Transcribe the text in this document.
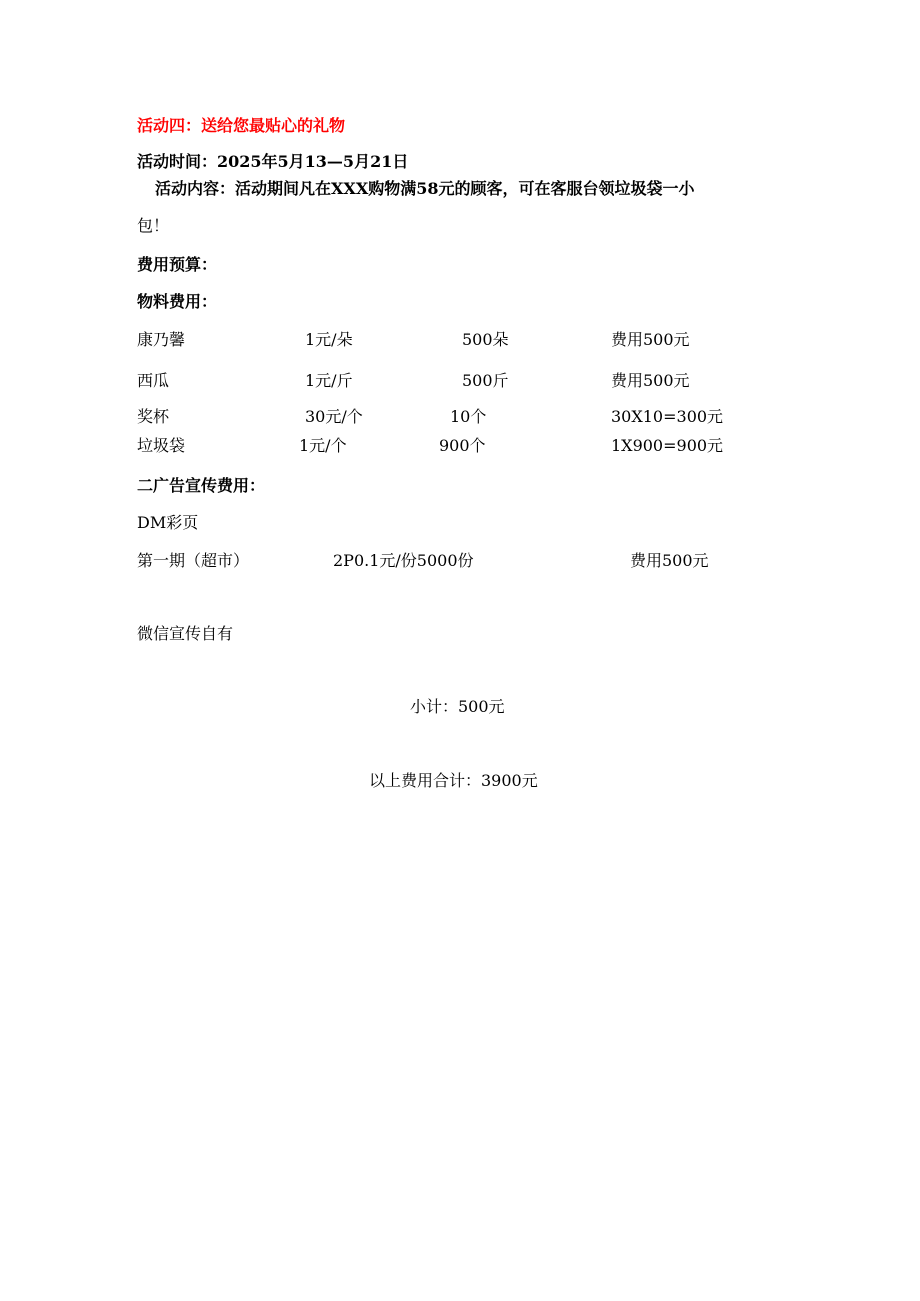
活动四：送给您最贴心的礼物
活动时间：2025年5月13—5月21日
活动内容：活动期间凡在XXX购物满58元的顾客，可在客服台领垃圾袋一小
包！
费用预算：
物料费用：
康乃馨	1元/朵	500朵	费用500元
西瓜	1元/斤	500斤	费用500元
奖杯	30元/个	10个	30X10=300元
垃圾袋	1元/个	900个	1X900=900元
二广告宣传费用：
DM彩页
第一期（超市）	2P0.1元/份5000份	费用500元
微信宣传自有
小计：500元
以上费用合计：3900元
